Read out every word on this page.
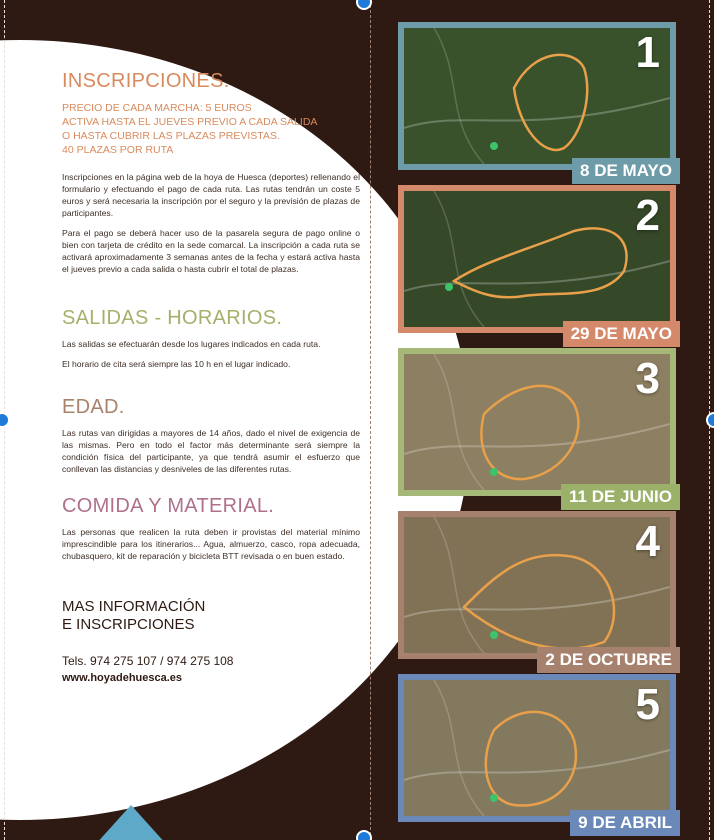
INSCRIPCIONES.
PRECIO DE CADA MARCHA: 5 EUROS
ACTIVA HASTA EL JUEVES PREVIO A CADA SALIDA
O HASTA CUBRIR LAS PLAZAS PREVISTAS.
40 PLAZAS POR RUTA

Inscripciones en la página web de la hoya de Huesca (deportes) rellenando el formulario y efectuando el pago de cada ruta. Las rutas tendrán un coste 5 euros y será necesaria la inscripción por el seguro y la previsión de plazas de participantes.

Para el pago se deberá hacer uso de la pasarela segura de pago online o bien con tarjeta de crédito en la sede comarcal. La inscripción a cada ruta se activará aproximadamente 3 semanas antes de la fecha y estará activa hasta el jueves previo a cada salida o hasta cubrir el total de plazas.

SALIDAS - HORARIOS.

Las salidas se efectuarán desde los lugares indicados en cada ruta.

El horario de cita será siempre las 10 h en el lugar indicado.

EDAD.

Las rutas van dirigidas a mayores de 14 años, dado el nivel de exigencia de las mismas. Pero en todo el factor más determinante será siempre la condición física del participante, ya que tendrá asumir el esfuerzo que conllevan las distancias y desniveles de las diferentes rutas.

COMIDA Y MATERIAL.

Las personas que realicen la ruta deben ir provistas del material mínimo imprescindible para los itinerarios... Agua, almuerzo, casco, ropa adecuada, chubasquero, kit de reparación y bicicleta BTT revisada o en buen estado.

MAS INFORMACIÓN
E INSCRIPCIONES
Tels. 974 275 107 / 974 275 108
www.hoyadehuesca.es
1
8 DE MAYO
2
29 DE MAYO
3
11 DE JUNIO
4
2 DE OCTUBRE
5
9 DE ABRIL
